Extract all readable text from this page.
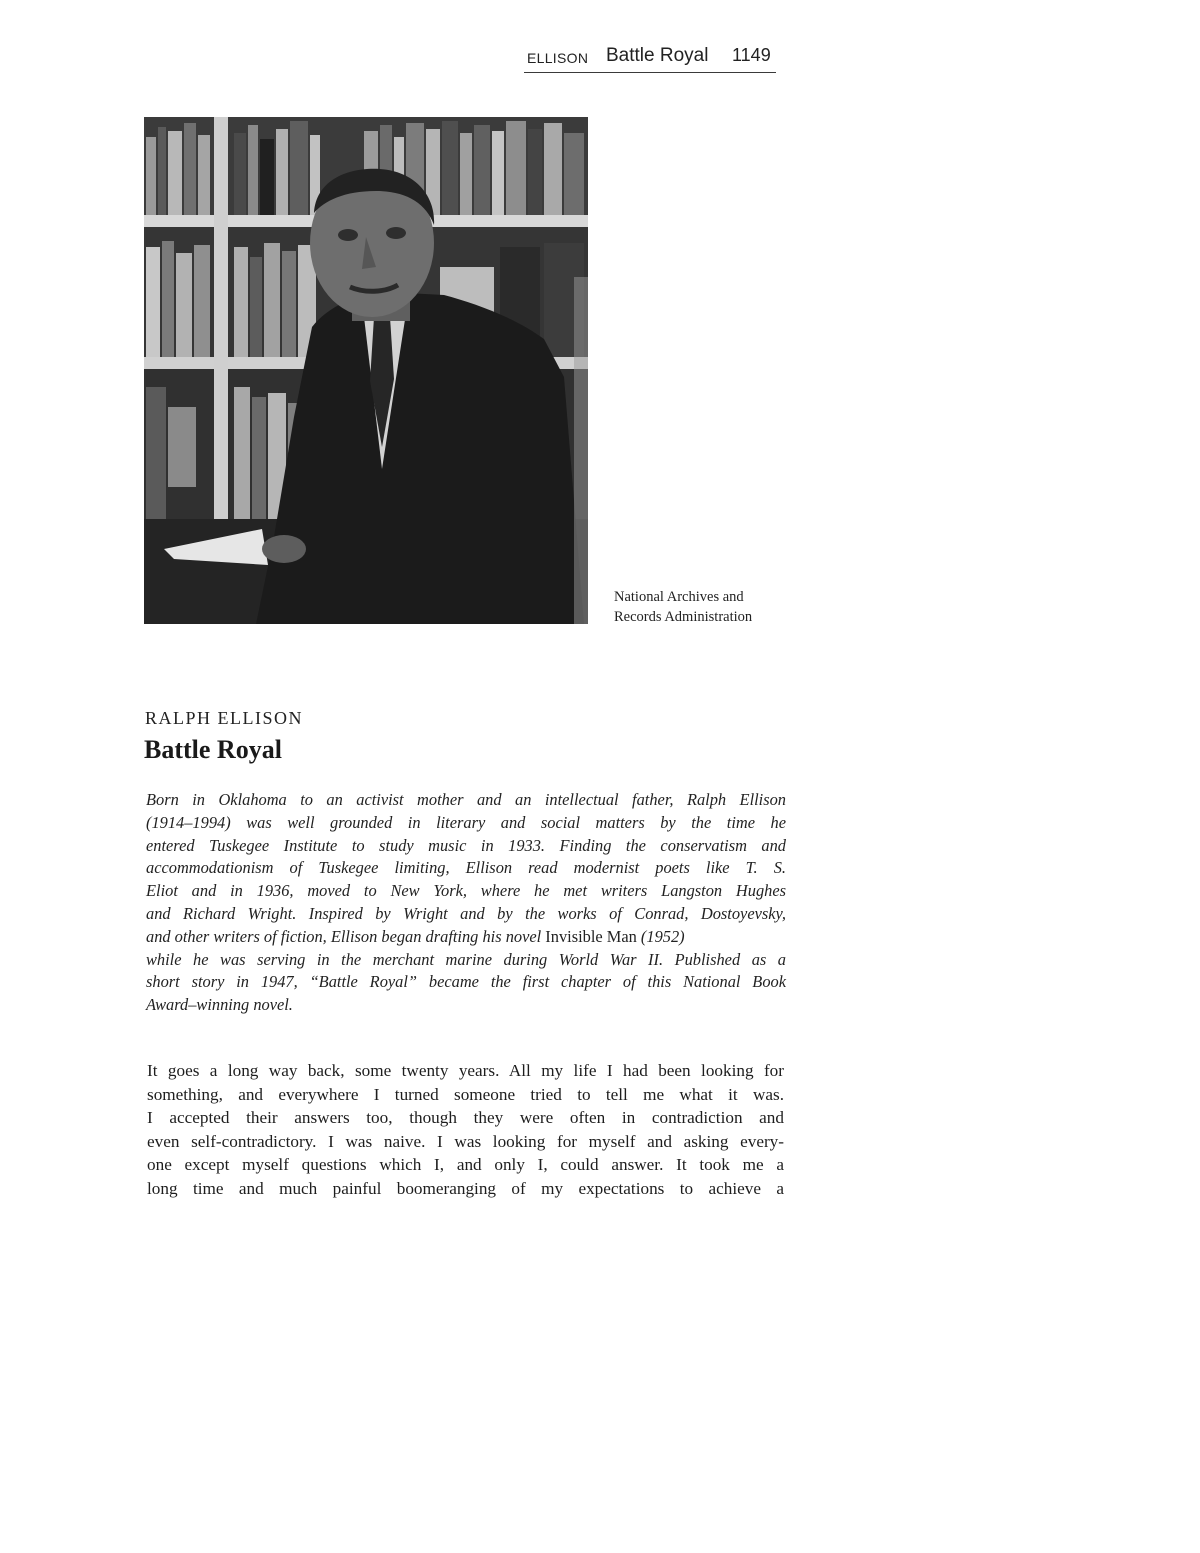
ELLISON Battle Royal 1149
National Archives and
Records Administration
RALPH ELLISON
Battle Royal
Born in Oklahoma to an activist mother and an intellectual father, Ralph Ellison
(1914–1994) was well grounded in literary and social matters by the time he
entered Tuskegee Institute to study music in 1933. Finding the conservatism and
accommodationism of Tuskegee limiting, Ellison read modernist poets like T. S.
Eliot and in 1936, moved to New York, where he met writers Langston Hughes
and Richard Wright. Inspired by Wright and by the works of Conrad, Dostoyevsky,
and other writers of fiction, Ellison began drafting his novel Invisible Man (1952)
while he was serving in the merchant marine during World War II. Published as a
short story in 1947, “Battle Royal” became the first chapter of this National Book
Award–winning novel.
It goes a long way back, some twenty years. All my life I had been looking for
something, and everywhere I turned someone tried to tell me what it was.
I accepted their answers too, though they were often in contradiction and
even self-contradictory. I was naive. I was looking for myself and asking every-
one except myself questions which I, and only I, could answer. It took me a
long time and much painful boomeranging of my expectations to achieve a
